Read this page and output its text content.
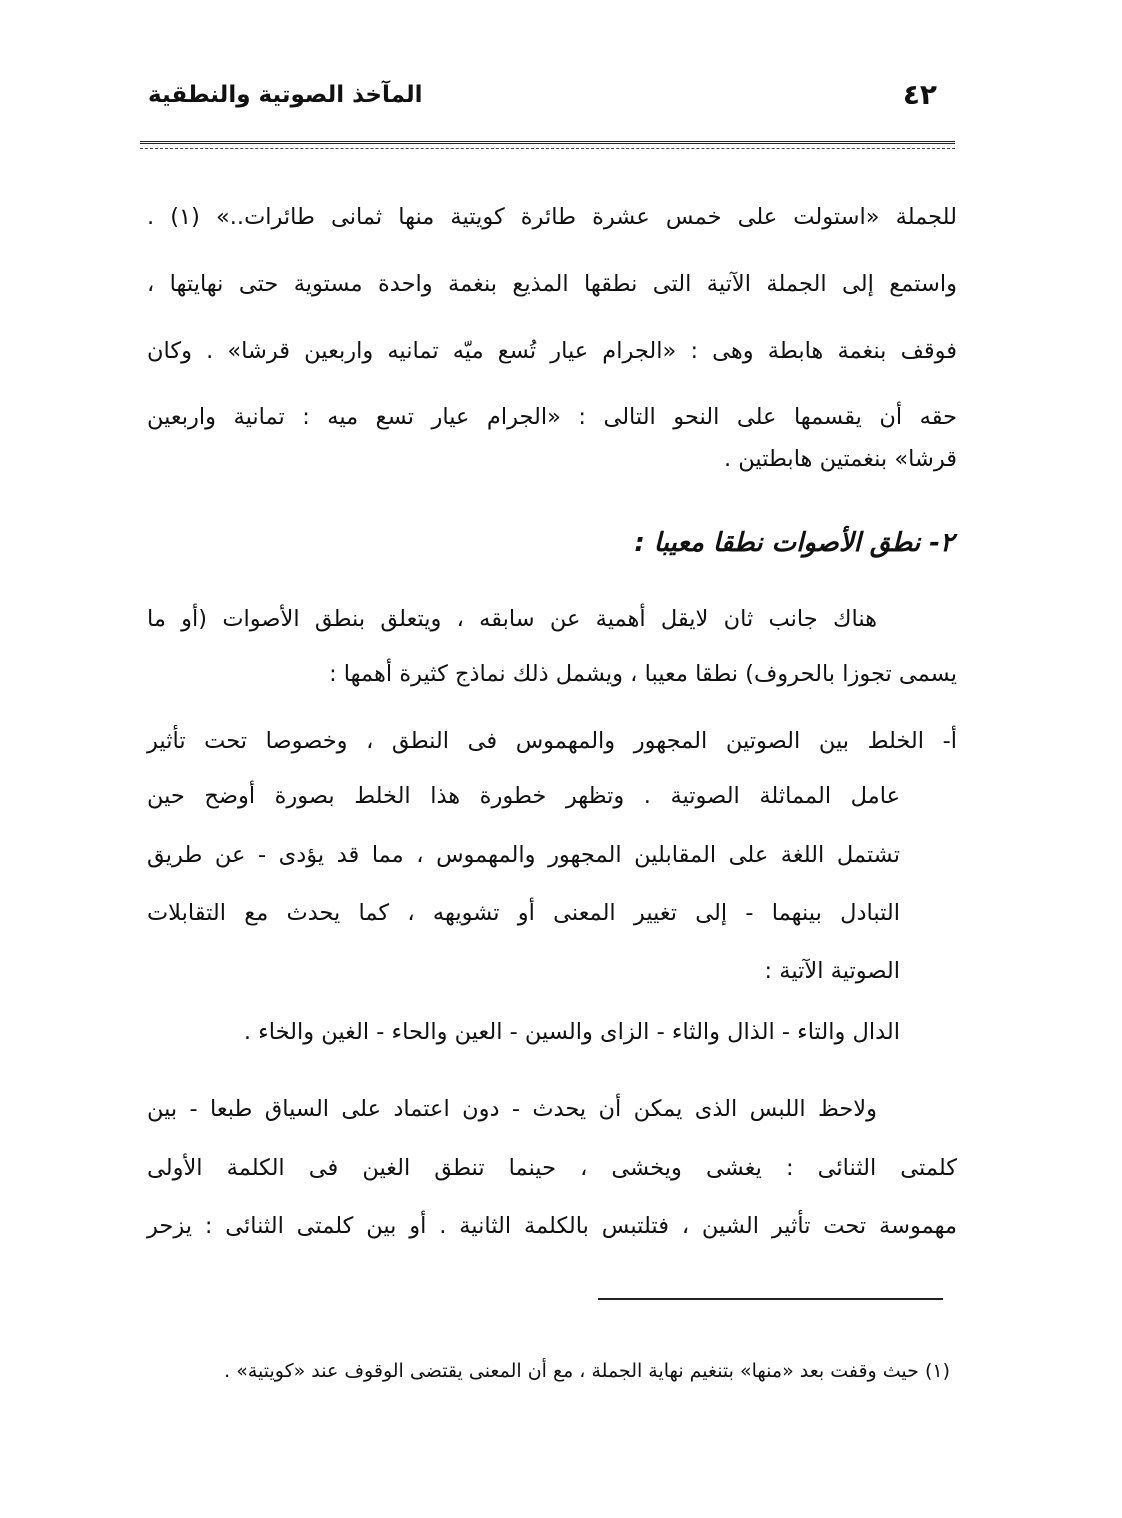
المآخذ الصوتية والنطقية	٤٢
للجملة «استولت على خمس عشرة طائرة كويتية منها ثمانى طائرات..» (١) .
واستمع إلى الجملة الآتية التى نطقها المذيع بنغمة واحدة مستوية حتى نهايتها ،
فوقف بنغمة هابطة وهى : «الجرام عيار تُسع ميّه تمانيه واربعين قرشا» . وكان
حقه أن يقسمها على النحو التالى : «الجرام عيار تسع ميه : تمانية واربعين
قرشا» بنغمتين هابطتين .
٢- نطق الأصوات نطقا معيبا :
هناك جانب ثان لايقل أهمية عن سابقه ، ويتعلق بنطق الأصوات (أو ما
يسمى تجوزا بالحروف) نطقا معيبا ، ويشمل ذلك نماذج كثيرة أهمها :
أ- الخلط بين الصوتين المجهور والمهموس فى النطق ، وخصوصا تحت تأثير
عامل المماثلة الصوتية . وتظهر خطورة هذا الخلط بصورة أوضح حين
تشتمل اللغة على المقابلين المجهور والمهموس ، مما قد يؤدى - عن طريق
التبادل بينهما - إلى تغيير المعنى أو تشويهه ، كما يحدث مع التقابلات
الصوتية الآتية :
الدال والتاء - الذال والثاء - الزاى والسين - العين والحاء - الغين والخاء .
ولاحظ اللبس الذى يمكن أن يحدث - دون اعتماد على السياق طبعا - بين
كلمتى الثنائى : يغشى ويخشى ، حينما تنطق الغين فى الكلمة الأولى
مهموسة تحت تأثير الشين ، فتلتبس بالكلمة الثانية . أو بين كلمتى الثنائى : يزحر
(١) حيث وقفت بعد «منها» بتنغيم نهاية الجملة ، مع أن المعنى يقتضى الوقوف عند «كويتية» .
